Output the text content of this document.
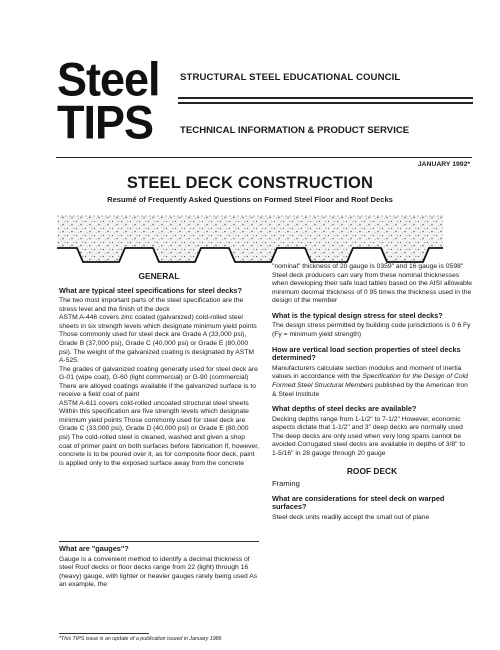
Steel
TIPS
STRUCTURAL STEEL EDUCATIONAL COUNCIL
TECHNICAL INFORMATION & PRODUCT SERVICE
JANUARY 1992*
STEEL DECK CONSTRUCTION
Resumé of Frequently Asked Questions on Formed Steel Floor and Roof Decks

GENERAL

What are typical steel specifications for steel decks?

The two most important parts of the steel specification are the stress level and the finish of the deck

ASTM A-446 covers zinc coated (galvanized) cold-rolled steel sheets in six strength levels which designate minimum yield points Those commonly used for steel deck are Grade A (33,000 psi), Grade B (37,000 psi), Grade C (40,000 psi) or Grade E (80,000 psi). The weight of the galvanized coating is designated by ASTM A-525.

The grades of galvanized coating generally used for steel deck are G-01 (wipe coat), G-60 (light commercial) or G-90 (commercial) There are alloyed coatings available if the galvanized surface is to receive a field coat of paint

ASTM A-611 covers cold-rolled uncoated structural steel sheets Within this specification are five strength levels which designate minimum yield points Those commonly used for steel deck are Grade C (33,000 psi), Grade D (40,000 psi) or Grade E (80,000 psi) The cold-rolled steel is cleaned, washed and given a shop coat of primer paint on both surfaces before fabrication If, however, concrete is to be poured over it, as for composite floor deck, paint is applied only to the exposed surface away from the concrete

What are "gauges"?

Gauge is a convenient method to identify a decimal thickness of steel Roof decks or floor decks range from 22 (light) through 16 (heavy) gauge, with lighter or heavier gauges rarely being used As an example, the

*This TIPS issue is an update of a publication issued in January 1986

"nominal" thickness of 20 gauge is 0359" and 16 gauge is 0598" Steel deck producers can vary from these nominal thicknesses when developing their safe load tables based on the AISI allowable minimum decimal thickness of 0 95 times the thickness used in the design of the member

What is the typical design stress for steel decks?

The design stress permitted by building code jurisdictions is 0 6 Fy (Fy = minimum yield strength)

How are vertical load section properties of steel decks determined?

Manufacturers calculate section modulus and moment of inertia values in accordance with the Specification for the Design of Cold Formed Steel Structural Members published by the American Iron & Steel Institute

What depths of steel decks are available?

Decking depths range from 1-1/2" to 7-1/2" However, economic aspects dictate that 1-1/2" and 3" deep decks are normally used The deep decks are only used when very long spans cannot be avoided Corrugated steel decks are available in depths of 3/8" to 1-5/16" in 28 gauge through 20 gauge

ROOF DECK

Framing

What are considerations for steel deck on warped surfaces?

Steel deck units readily accept the small out of plane
